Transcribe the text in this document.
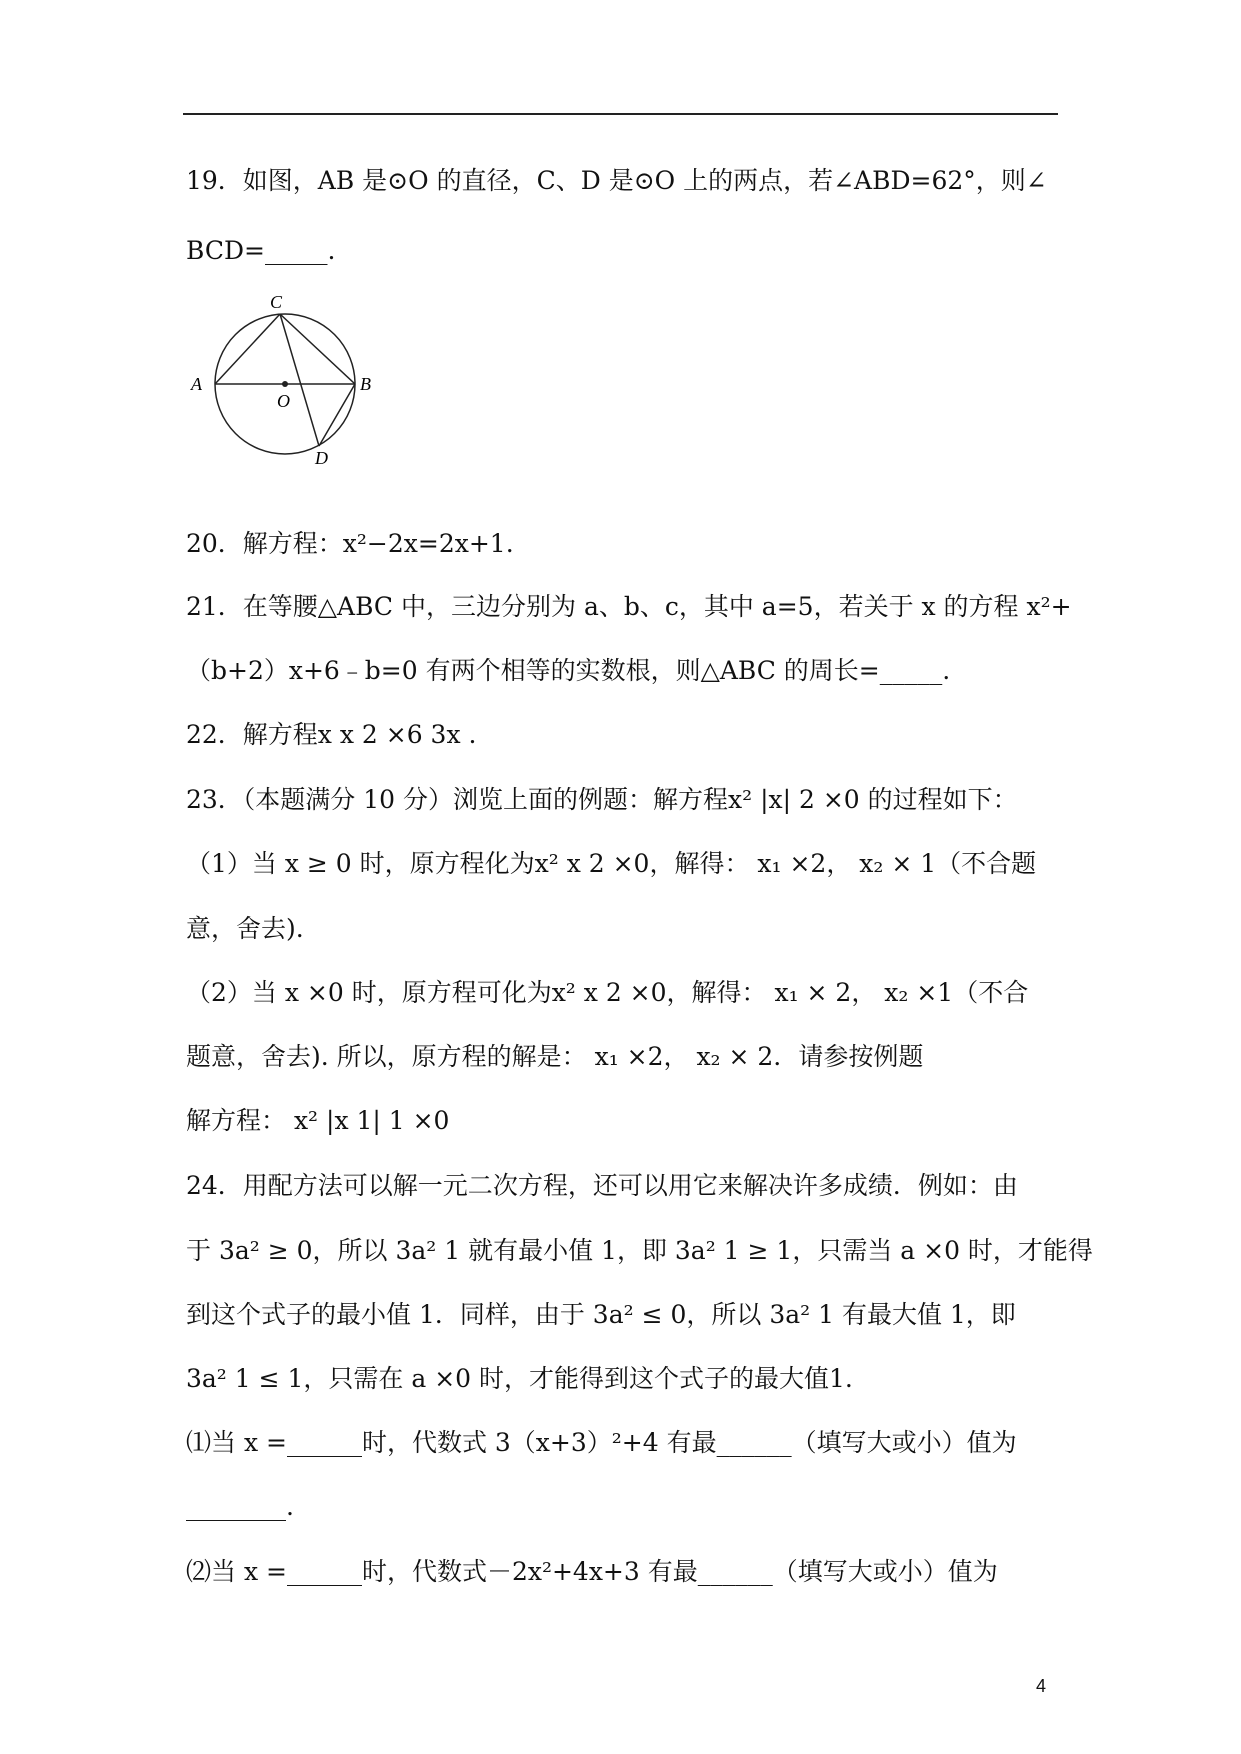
19．如图，AB 是⊙O 的直径，C、D 是⊙O 上的两点，若∠ABD=62°，则∠
BCD=_____.
C
A
O
B
D
20．解方程：x²−2x=2x+1.
21．在等腰△ABC 中，三边分别为 a、b、c，其中 a=5，若关于 x 的方程 x²+
（b+2）x+6﹣b=0 有两个相等的实数根，则△ABC 的周长=_____.
22．解方程x x 2 ×6 3x .
23．（本题满分 10 分）浏览上面的例题：解方程x² |x| 2 ×0 的过程如下：
（1）当 x ≥ 0 时，原方程化为x² x 2 ×0，解得： x₁ ×2， x₂ × 1（不合题
意，舍去).
（2）当 x ×0 时，原方程可化为x² x 2 ×0，解得： x₁ × 2， x₂ ×1（不合
题意，舍去). 所以，原方程的解是： x₁ ×2， x₂ × 2．请参按例题
解方程： x² |x 1| 1 ×0
24．用配方法可以解一元二次方程，还可以用它来解决许多成绩．例如：由
于 3a² ≥ 0，所以 3a² 1 就有最小值 1，即 3a² 1 ≥ 1，只需当 a ×0 时，才能得
到这个式子的最小值 1．同样，由于 3a² ≤ 0，所以 3a² 1 有最大值 1，即
3a² 1 ≤ 1，只需在 a ×0 时，才能得到这个式子的最大值1.
⑴当 x =______时，代数式 3（x+3）²+4 有最______（填写大或小）值为
________.
⑵当 x =______时，代数式－2x²+4x+3 有最______（填写大或小）值为
4
